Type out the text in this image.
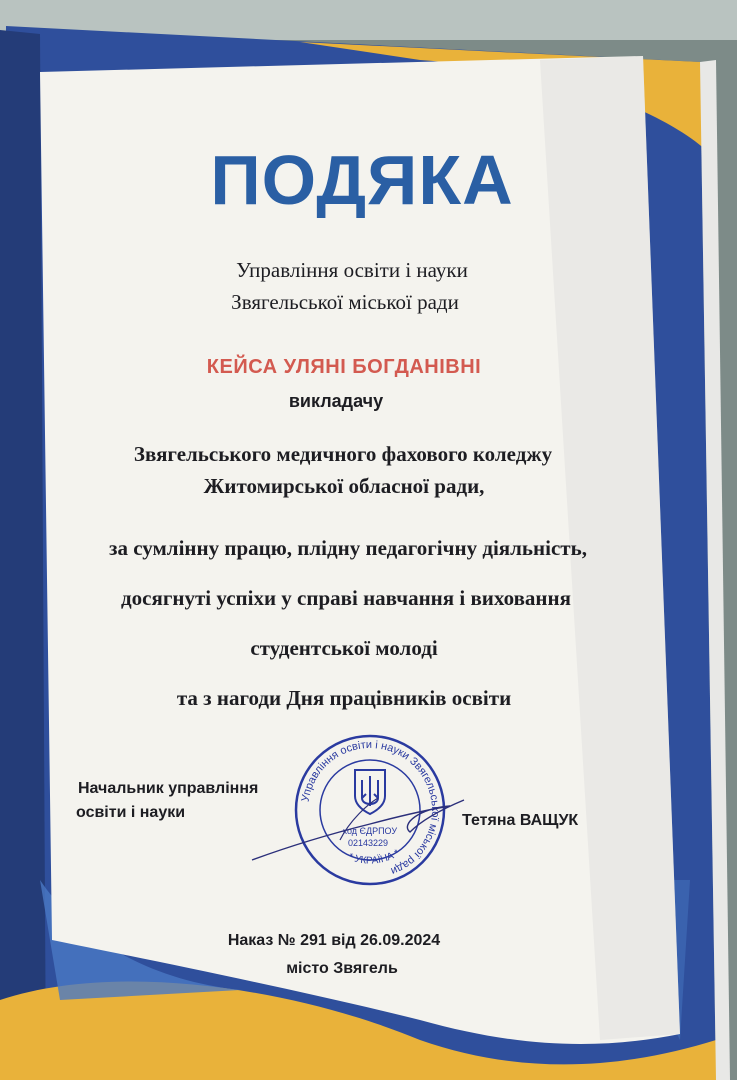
ПОДЯКА
Управління освіти і науки
Звягельської міської ради
КЕЙСА УЛЯНІ БОГДАНІВНІ
викладачу
Звягельського медичного фахового коледжу
Житомирської обласної ради,
за сумлінну працю, плідну педагогічну діяльність,
досягнуті успіхи у справі навчання і виховання
студентської молоді
та з нагоди Дня працівників освіти
Начальник управління
освіти і науки	Тетяна ВАЩУК
Управління освіти і науки Звягельської міської ради
* УКРАЇНА *
код ЄДРПОУ
02143229
Наказ № 291 від 26.09.2024
місто Звягель
